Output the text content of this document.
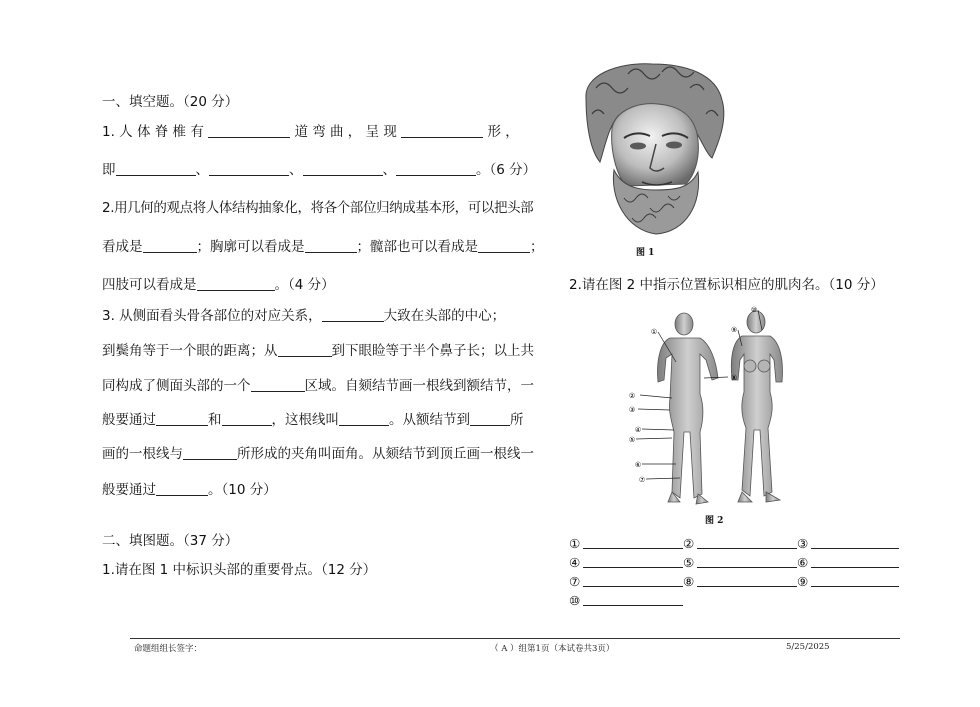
一、填空题。（20 分）
1. 人 体 脊 椎 有	道 弯 曲 ， 呈 现	形 ，
即	、	、	、	。（6 分）
2.用几何的观点将人体结构抽象化，将各个部位归纳成基本形，可以把头部
看成是	；胸廓可以看成是	；髋部也可以看成是	；
四肢可以看成是	。（4 分）
3. 从侧面看头骨各部位的对应关系，	大致在头部的中心；
到鬓角等于一个眼的距离；从	到下眼睑等于半个鼻子长；以上共
同构成了侧面头部的一个	区域。自颏结节画一根线到额结节，一
般要通过	和	，这根线叫	。从额结节到	所
画的一根线与	所形成的夹角叫面角。从颏结节到顶丘画一根线一
般要通过	。（10 分）
二、填图题。（37 分）
1.请在图 1 中标识头部的重要骨点。（12 分）
图 1
2.请在图 2 中指示位置标识相应的肌肉名。（10 分）
①
②
③
④
⑤
⑥
⑦
⑧
⑨
⑩
图 2
①	②	③
④	⑤	⑥
⑦	⑧	⑨
⑩
命题组组长签字：	（ A ）组第1页（本试卷共3页）	5/25/2025
